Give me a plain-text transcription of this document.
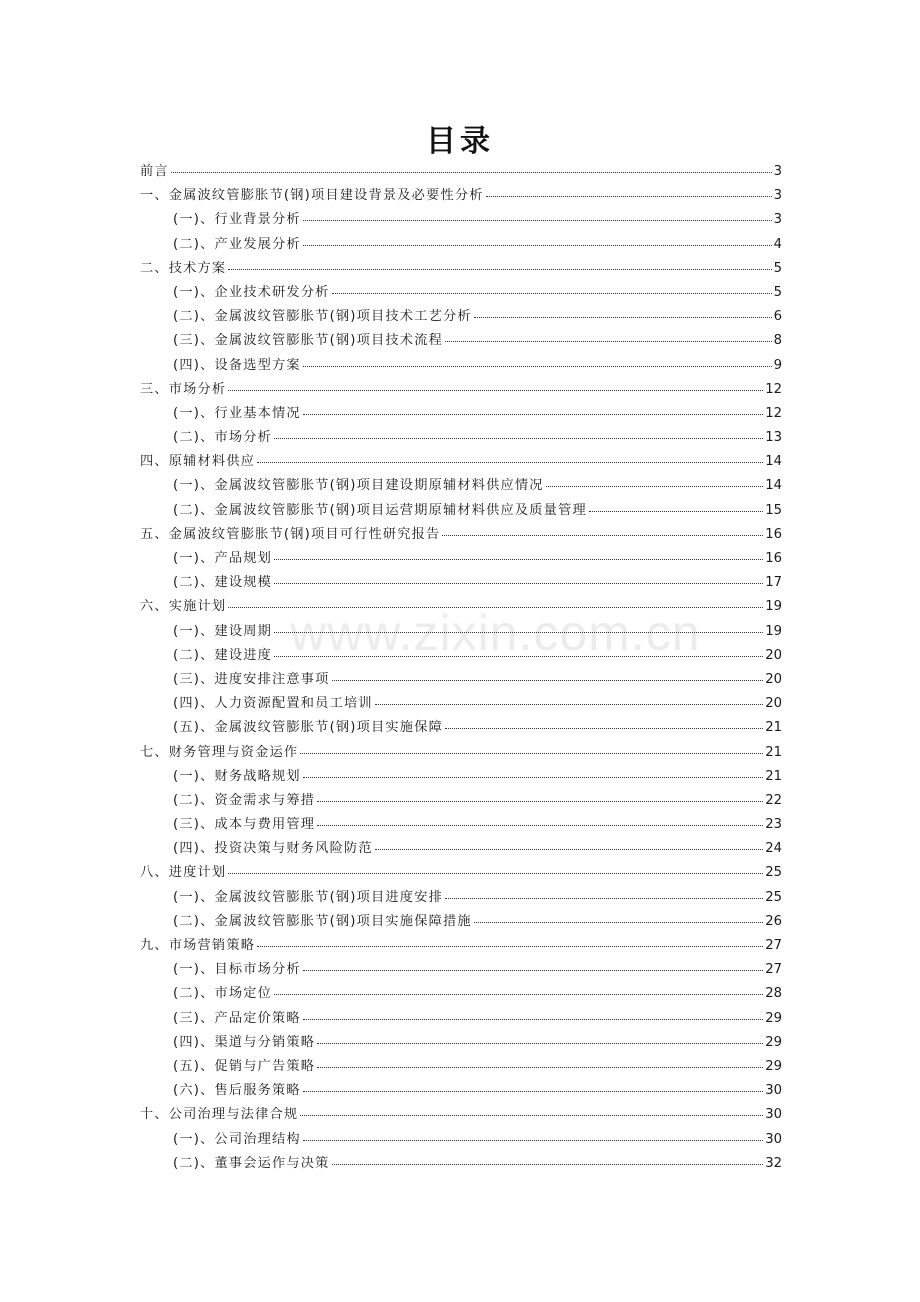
目录
www.zixin.com.cn
前言	3
一、金属波纹管膨胀节(钢)项目建设背景及必要性分析	3
(一)、行业背景分析	3
(二)、产业发展分析	4
二、技术方案	5
(一)、企业技术研发分析	5
(二)、金属波纹管膨胀节(钢)项目技术工艺分析	6
(三)、金属波纹管膨胀节(钢)项目技术流程	8
(四)、设备选型方案	9
三、市场分析	12
(一)、行业基本情况	12
(二)、市场分析	13
四、原辅材料供应	14
(一)、金属波纹管膨胀节(钢)项目建设期原辅材料供应情况	14
(二)、金属波纹管膨胀节(钢)项目运营期原辅材料供应及质量管理	15
五、金属波纹管膨胀节(钢)项目可行性研究报告	16
(一)、产品规划	16
(二)、建设规模	17
六、实施计划	19
(一)、建设周期	19
(二)、建设进度	20
(三)、进度安排注意事项	20
(四)、人力资源配置和员工培训	20
(五)、金属波纹管膨胀节(钢)项目实施保障	21
七、财务管理与资金运作	21
(一)、财务战略规划	21
(二)、资金需求与筹措	22
(三)、成本与费用管理	23
(四)、投资决策与财务风险防范	24
八、进度计划	25
(一)、金属波纹管膨胀节(钢)项目进度安排	25
(二)、金属波纹管膨胀节(钢)项目实施保障措施	26
九、市场营销策略	27
(一)、目标市场分析	27
(二)、市场定位	28
(三)、产品定价策略	29
(四)、渠道与分销策略	29
(五)、促销与广告策略	29
(六)、售后服务策略	30
十、公司治理与法律合规	30
(一)、公司治理结构	30
(二)、董事会运作与决策	32
